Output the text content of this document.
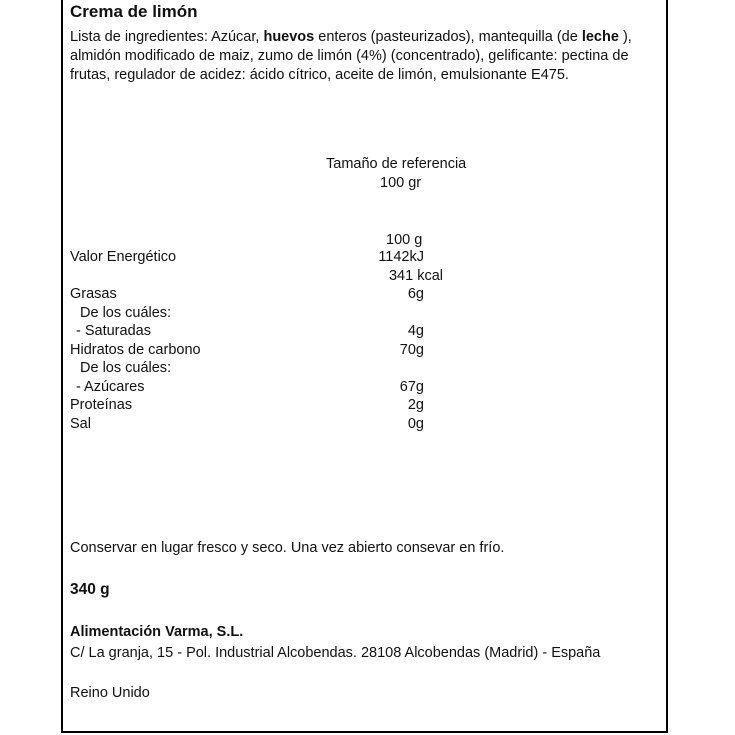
Crema de limón
Lista de ingredientes: Azúcar, huevos enteros (pasteurizados), mantequilla (de leche ), almidón modificado de maiz, zumo de limón (4%) (concentrado), gelificante: pectina de frutas, regulador de acidez: ácido cítrico, aceite de limón, emulsionante E475.
Tamaño de referencia
100 gr
100 g
Valor Energético	1142kJ
341 kcal
Grasas	6g
De los cuáles:
- Saturadas	4g
Hidratos de carbono	70g
De los cuáles:
- Azúcares	67g
Proteínas	2g
Sal	0g
Conservar en lugar fresco y seco. Una vez abierto consevar en frío.
340 g
Alimentación Varma, S.L.
C/ La granja, 15 - Pol. Industrial Alcobendas. 28108 Alcobendas (Madrid) - España
Reino Unido
